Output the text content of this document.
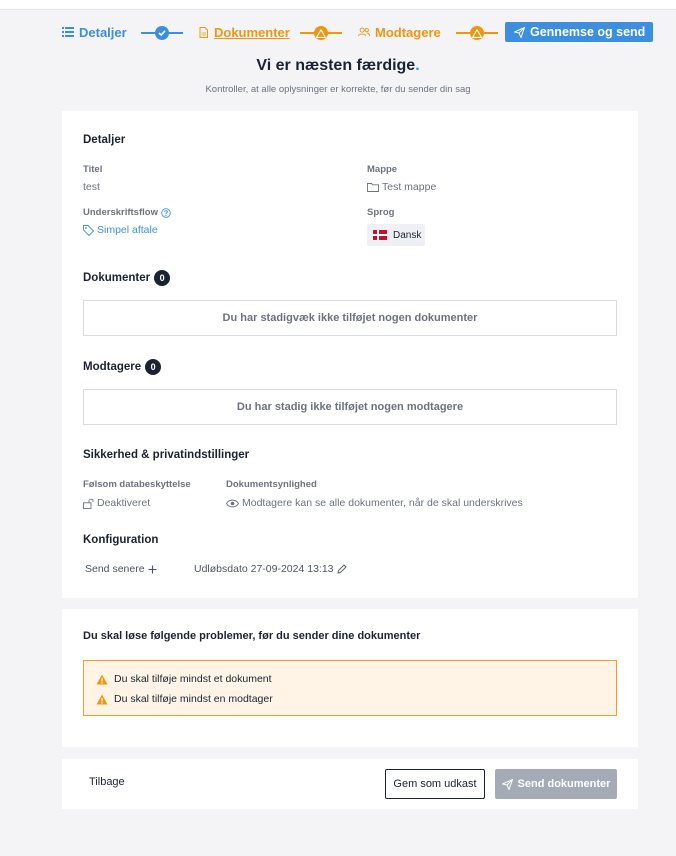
Detaljer	Dokumenter	Modtagere	Gennemse og send
Vi er næsten færdige.
Kontroller, at alle oplysninger er korrekte, før du sender din sag
Detaljer
Titel
test
Mappe
Test mappe
Underskriftsflow
Simpel aftale
Sprog
Dansk
Dokumenter	0
Du har stadigvæk ikke tilføjet nogen dokumenter
Modtagere	0
Du har stadig ikke tilføjet nogen modtagere
Sikkerhed & privatindstillinger
Følsom databeskyttelse
Deaktiveret
Dokumentsynlighed
Modtagere kan se alle dokumenter, når de skal underskrives
Konfiguration
Send senere	Udløbsdato 27-09-2024 13:13
Du skal løse følgende problemer, før du sender dine dokumenter
Du skal tilføje mindst et dokument
Du skal tilføje mindst en modtager
Tilbage	Gem som udkast	Send dokumenter
